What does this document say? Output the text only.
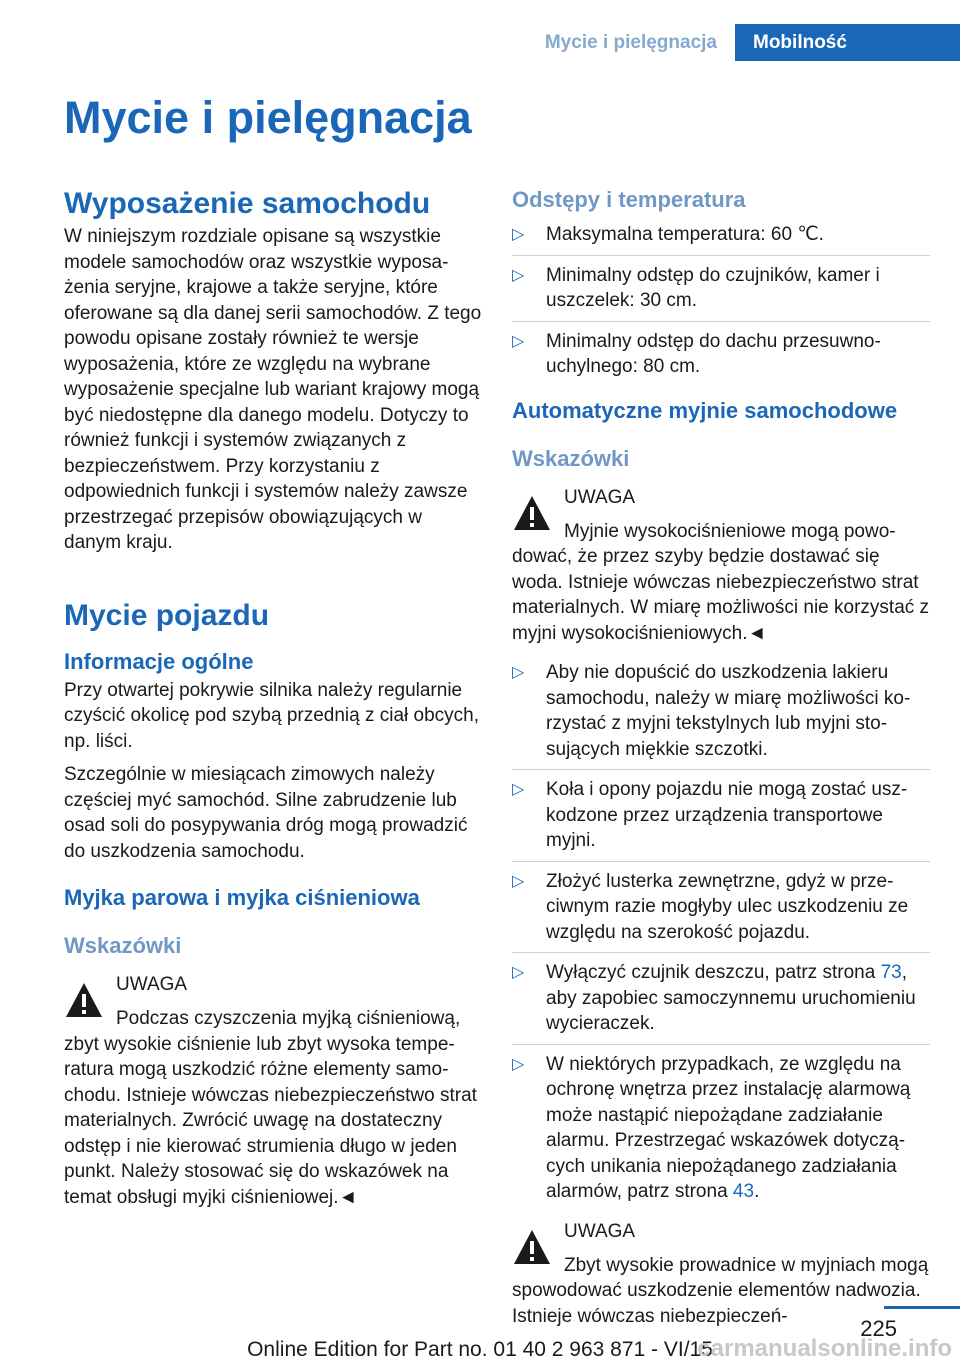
Mycie i pielęgnacja	Mobilność
Mycie i pielęgnacja
Wyposażenie samochodu

W niniejszym rozdziale opisane są wszystkie modele samochodów oraz wszystkie wyposażenia seryjne, krajowe a także seryjne, które oferowane są dla danej serii samochodów. Z tego powodu opisane zostały również te wersje wyposażenia, które ze względu na wybrane wyposażenie specjalne lub wariant krajowy mogą być niedostępne dla danego modelu. Dotyczy to również funkcji i systemów związanych z bezpieczeństwem. Przy korzystaniu z odpowiednich funkcji i systemów należy zawsze przestrzegać przepisów obowiązujących w danym kraju.

Mycie pojazdu
Informacje ogólne

Przy otwartej pokrywie silnika należy regularnie czyścić okolicę pod szybą przednią z ciał obcych, np. liści.

Szczególnie w miesiącach zimowych należy częściej myć samochód. Silne zabrudzenie lub osad soli do posypywania dróg mogą prowadzić do uszkodzenia samochodu.

Myjka parowa i myjka ciśnieniowa
Wskazówki
UWAGA

Podczas czyszczenia myjką ciśnieniową, zbyt wysokie ciśnienie lub zbyt wysoka temperatura mogą uszkodzić różne elementy samochodu. Istnieje wówczas niebezpieczeństwo strat materialnych. Zwrócić uwagę na dostateczny odstęp i nie kierować strumienia długo w jeden punkt. Należy stosować się do wskazówek na temat obsługi myjki ciśnieniowej.◄

Odstępy i temperatura
▷ Maksymalna temperatura: 60 ℃.
▷ Minimalny odstęp do czujników, kamer i uszczelek: 30 cm.
▷ Minimalny odstęp do dachu przesuwno-uchylnego: 80 cm.
Automatyczne myjnie samochodowe
Wskazówki
UWAGA

Myjnie wysokociśnieniowe mogą powodować, że przez szyby będzie dostawać się woda. Istnieje wówczas niebezpieczeństwo strat materialnych. W miarę możliwości nie korzystać z myjni wysokociśnieniowych.◄

▷ Aby nie dopuścić do uszkodzenia lakieru samochodu, należy w miarę możliwości korzystać z myjni tekstylnych lub myjni stosujących miękkie szczotki.
▷ Koła i opony pojazdu nie mogą zostać uszkodzone przez urządzenia transportowe myjni.
▷ Złożyć lusterka zewnętrzne, gdyż w przeciwnym razie mogłyby ulec uszkodzeniu ze względu na szerokość pojazdu.
▷ Wyłączyć czujnik deszczu, patrz strona 73, aby zapobiec samoczynnemu uruchomieniu wycieraczek.
▷ W niektórych przypadkach, ze względu na ochronę wnętrza przez instalację alarmową może nastąpić niepożądane zadziałanie alarmu. Przestrzegać wskazówek dotyczących unikania niepożądanego zadziałania alarmów, patrz strona 43.
UWAGA

Zbyt wysokie prowadnice w myjniach mogą spowodować uszkodzenie elementów nadwozia. Istnieje wówczas niebezpieczeń-	225
Online Edition for Part no. 01 40 2 963 871 - VI/15
carmanualsonline.info
